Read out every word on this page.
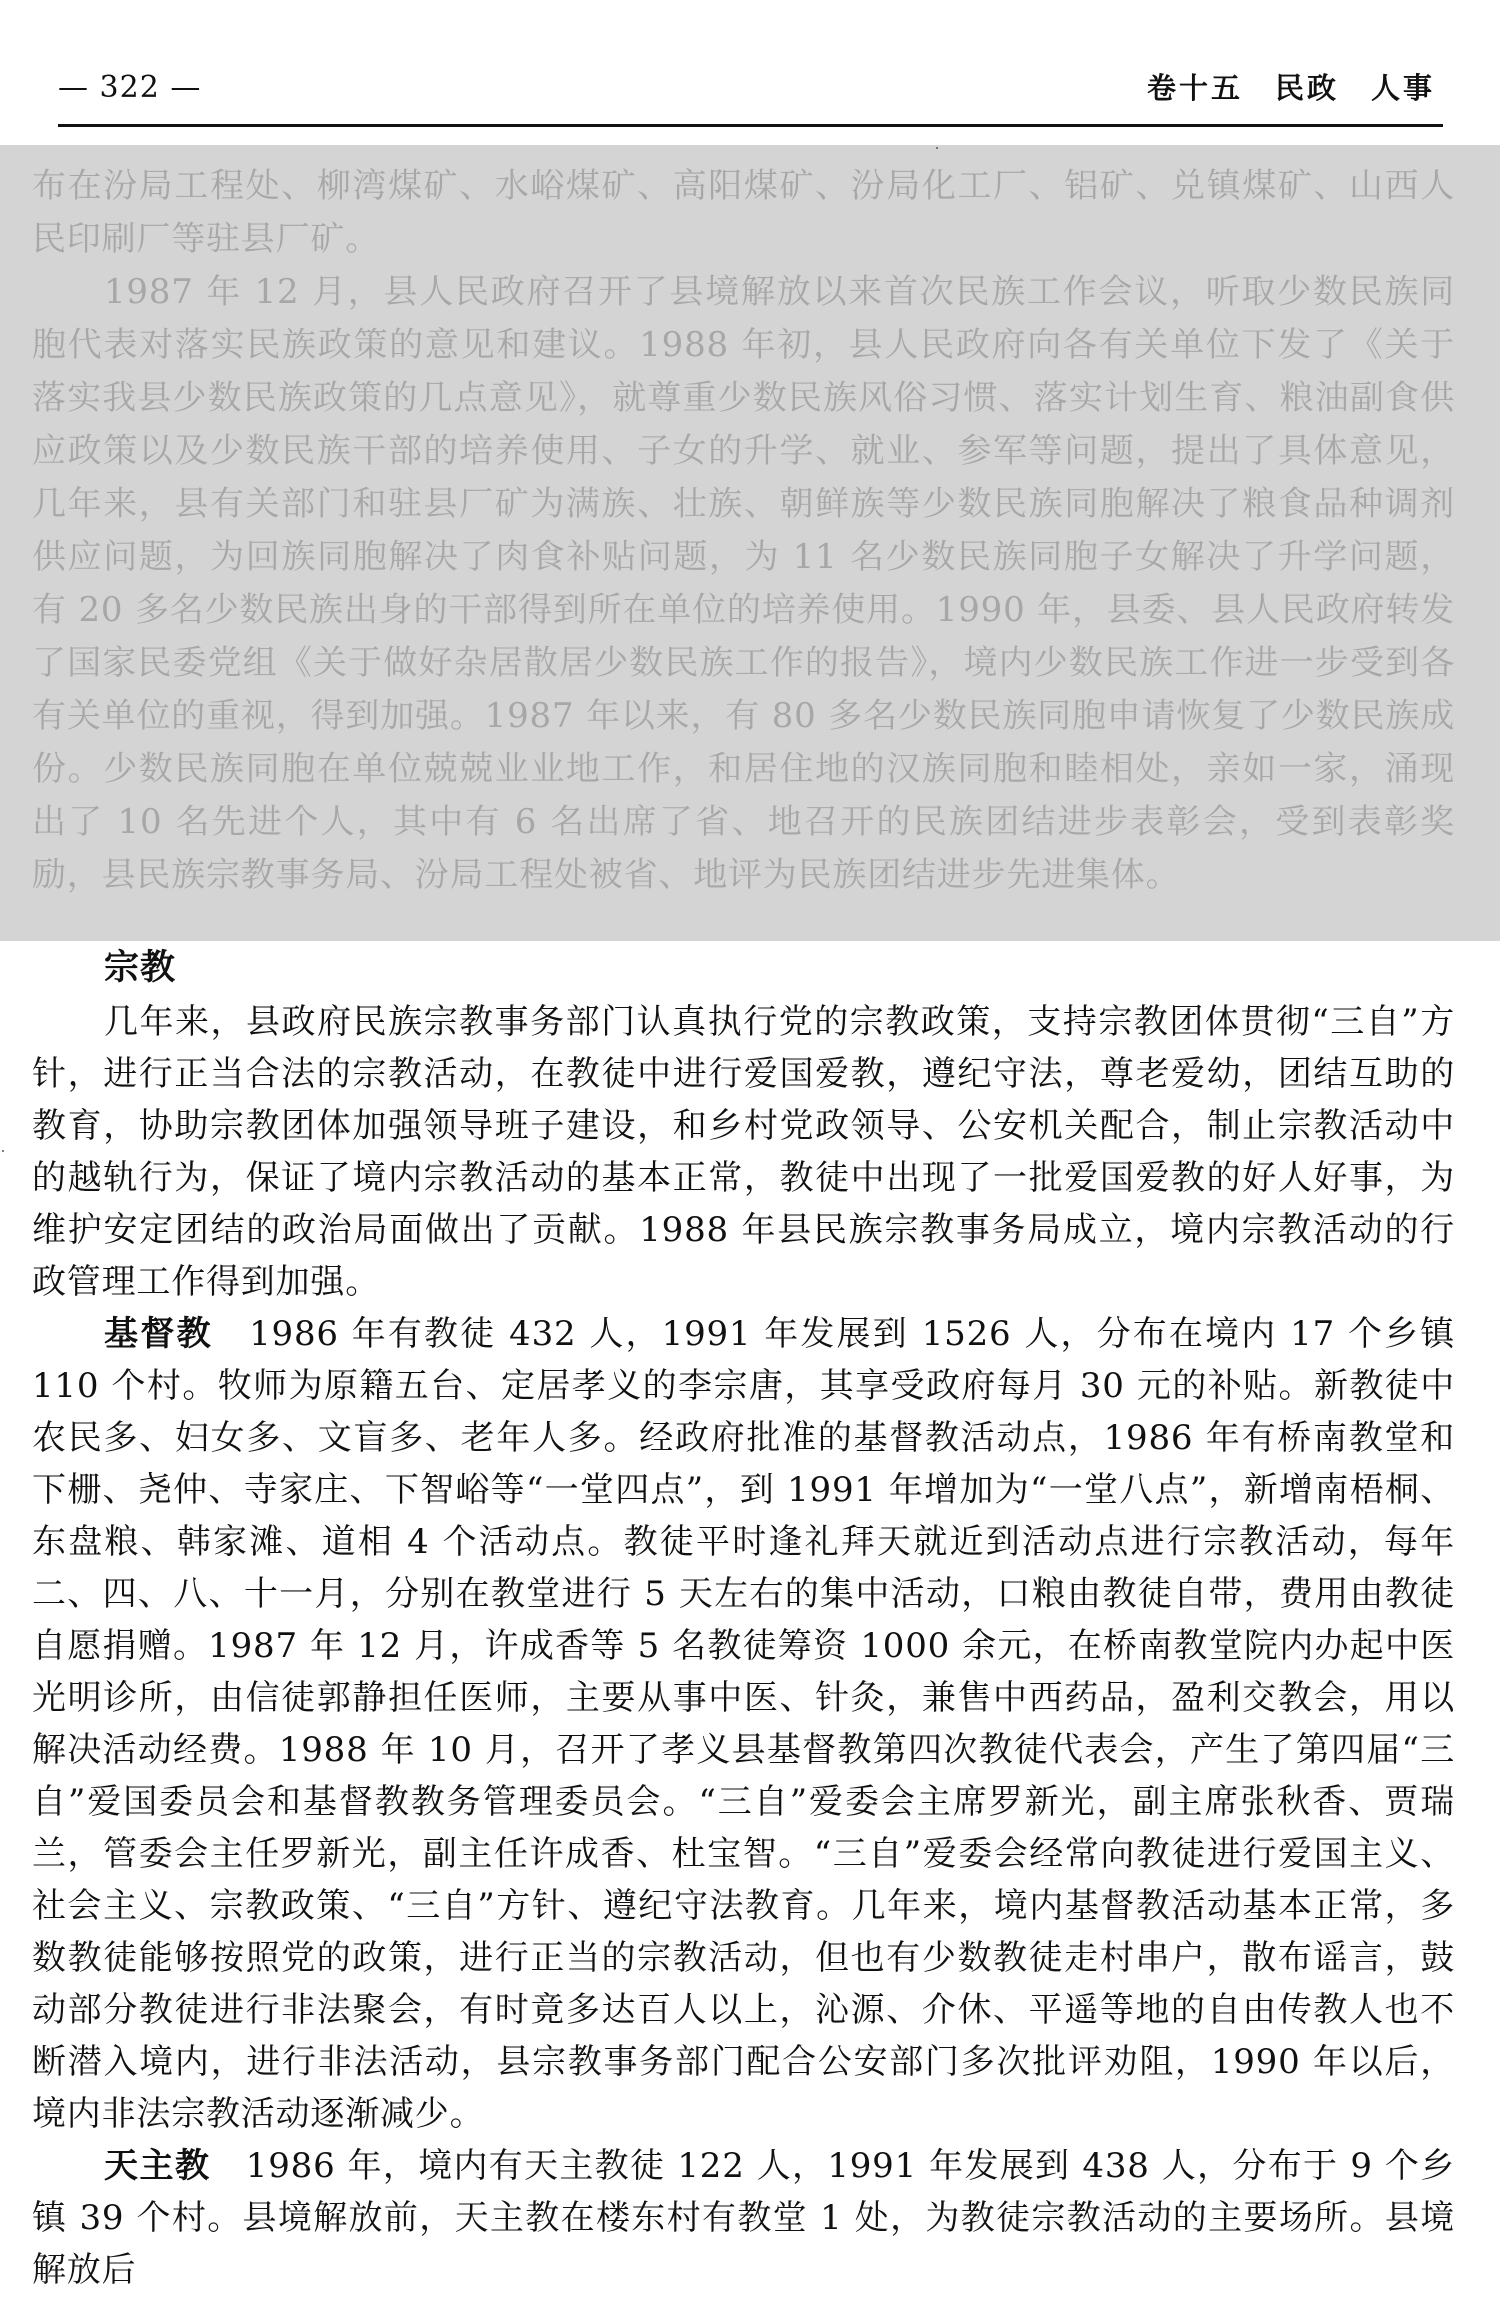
— 322 —	卷十五　民政　人事

布在汾局工程处、柳湾煤矿、水峪煤矿、高阳煤矿、汾局化工厂、铝矿、兑镇煤矿、山西人民印刷厂等驻县厂矿。

1987 年 12 月，县人民政府召开了县境解放以来首次民族工作会议，听取少数民族同胞代表对落实民族政策的意见和建议。1988 年初，县人民政府向各有关单位下发了《关于落实我县少数民族政策的几点意见》，就尊重少数民族风俗习惯、落实计划生育、粮油副食供应政策以及少数民族干部的培养使用、子女的升学、就业、参军等问题，提出了具体意见，几年来，县有关部门和驻县厂矿为满族、壮族、朝鲜族等少数民族同胞解决了粮食品种调剂供应问题，为回族同胞解决了肉食补贴问题，为 11 名少数民族同胞子女解决了升学问题，有 20 多名少数民族出身的干部得到所在单位的培养使用。1990 年，县委、县人民政府转发了国家民委党组《关于做好杂居散居少数民族工作的报告》，境内少数民族工作进一步受到各有关单位的重视，得到加强。1987 年以来，有 80 多名少数民族同胞申请恢复了少数民族成份。少数民族同胞在单位兢兢业业地工作，和居住地的汉族同胞和睦相处，亲如一家，涌现出了 10 名先进个人，其中有 6 名出席了省、地召开的民族团结进步表彰会，受到表彰奖励，县民族宗教事务局、汾局工程处被省、地评为民族团结进步先进集体。

宗教

几年来，县政府民族宗教事务部门认真执行党的宗教政策，支持宗教团体贯彻“三自”方针，进行正当合法的宗教活动，在教徒中进行爱国爱教，遵纪守法，尊老爱幼，团结互助的教育，协助宗教团体加强领导班子建设，和乡村党政领导、公安机关配合，制止宗教活动中的越轨行为，保证了境内宗教活动的基本正常，教徒中出现了一批爱国爱教的好人好事，为维护安定团结的政治局面做出了贡献。1988 年县民族宗教事务局成立，境内宗教活动的行政管理工作得到加强。

基督教　 1986 年有教徒 432 人，1991 年发展到 1526 人，分布在境内 17 个乡镇 110 个村。牧师为原籍五台、定居孝义的李宗唐，其享受政府每月 30 元的补贴。新教徒中农民多、妇女多、文盲多、老年人多。经政府批准的基督教活动点，1986 年有桥南教堂和下栅、尧仲、寺家庄、下智峪等“一堂四点”，到 1991 年增加为“一堂八点”，新增南梧桐、东盘粮、韩家滩、道相 4 个活动点。教徒平时逢礼拜天就近到活动点进行宗教活动，每年二、四、八、十一月，分别在教堂进行 5 天左右的集中活动，口粮由教徒自带，费用由教徒自愿捐赠。1987 年 12 月，许成香等 5 名教徒筹资 1000 余元，在桥南教堂院内办起中医光明诊所，由信徒郭静担任医师，主要从事中医、针灸，兼售中西药品，盈利交教会，用以解决活动经费。1988 年 10 月，召开了孝义县基督教第四次教徒代表会，产生了第四届“三自”爱国委员会和基督教教务管理委员会。“三自”爱委会主席罗新光，副主席张秋香、贾瑞兰，管委会主任罗新光，副主任许成香、杜宝智。“三自”爱委会经常向教徒进行爱国主义、社会主义、宗教政策、“三自”方针、遵纪守法教育。几年来，境内基督教活动基本正常，多数教徒能够按照党的政策，进行正当的宗教活动，但也有少数教徒走村串户，散布谣言，鼓动部分教徒进行非法聚会，有时竟多达百人以上，沁源、介休、平遥等地的自由传教人也不断潜入境内，进行非法活动，县宗教事务部门配合公安部门多次批评劝阻，1990 年以后，境内非法宗教活动逐渐减少。

天主教　 1986 年，境内有天主教徒 122 人，1991 年发展到 438 人，分布于 9 个乡镇 39 个村。县境解放前，天主教在楼东村有教堂 1 处，为教徒宗教活动的主要场所。县境解放后
